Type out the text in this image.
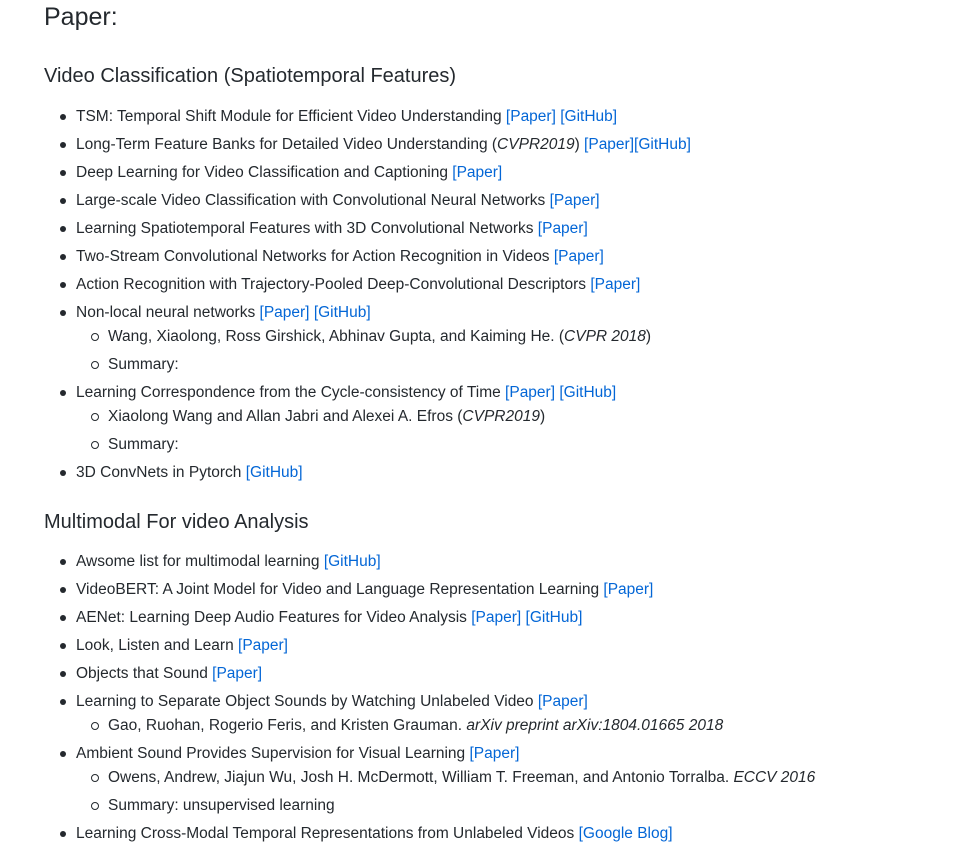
Paper:
Video Classification (Spatiotemporal Features)
TSM: Temporal Shift Module for Efficient Video Understanding [Paper] [GitHub]
Long-Term Feature Banks for Detailed Video Understanding (CVPR2019) [Paper][GitHub]
Deep Learning for Video Classification and Captioning [Paper]
Large-scale Video Classification with Convolutional Neural Networks [Paper]
Learning Spatiotemporal Features with 3D Convolutional Networks [Paper]
Two-Stream Convolutional Networks for Action Recognition in Videos [Paper]
Action Recognition with Trajectory-Pooled Deep-Convolutional Descriptors [Paper]
Non-local neural networks [Paper] [GitHub]
Wang, Xiaolong, Ross Girshick, Abhinav Gupta, and Kaiming He. (CVPR 2018)
Summary:
Learning Correspondence from the Cycle-consistency of Time [Paper] [GitHub]
Xiaolong Wang and Allan Jabri and Alexei A. Efros (CVPR2019)
Summary:
3D ConvNets in Pytorch [GitHub]
Multimodal For video Analysis
Awsome list for multimodal learning [GitHub]
VideoBERT: A Joint Model for Video and Language Representation Learning [Paper]
AENet: Learning Deep Audio Features for Video Analysis [Paper] [GitHub]
Look, Listen and Learn [Paper]
Objects that Sound [Paper]
Learning to Separate Object Sounds by Watching Unlabeled Video [Paper]
Gao, Ruohan, Rogerio Feris, and Kristen Grauman. arXiv preprint arXiv:1804.01665 2018
Ambient Sound Provides Supervision for Visual Learning [Paper]
Owens, Andrew, Jiajun Wu, Josh H. McDermott, William T. Freeman, and Antonio Torralba. ECCV 2016
Summary: unsupervised learning
Learning Cross-Modal Temporal Representations from Unlabeled Videos [Google Blog]
